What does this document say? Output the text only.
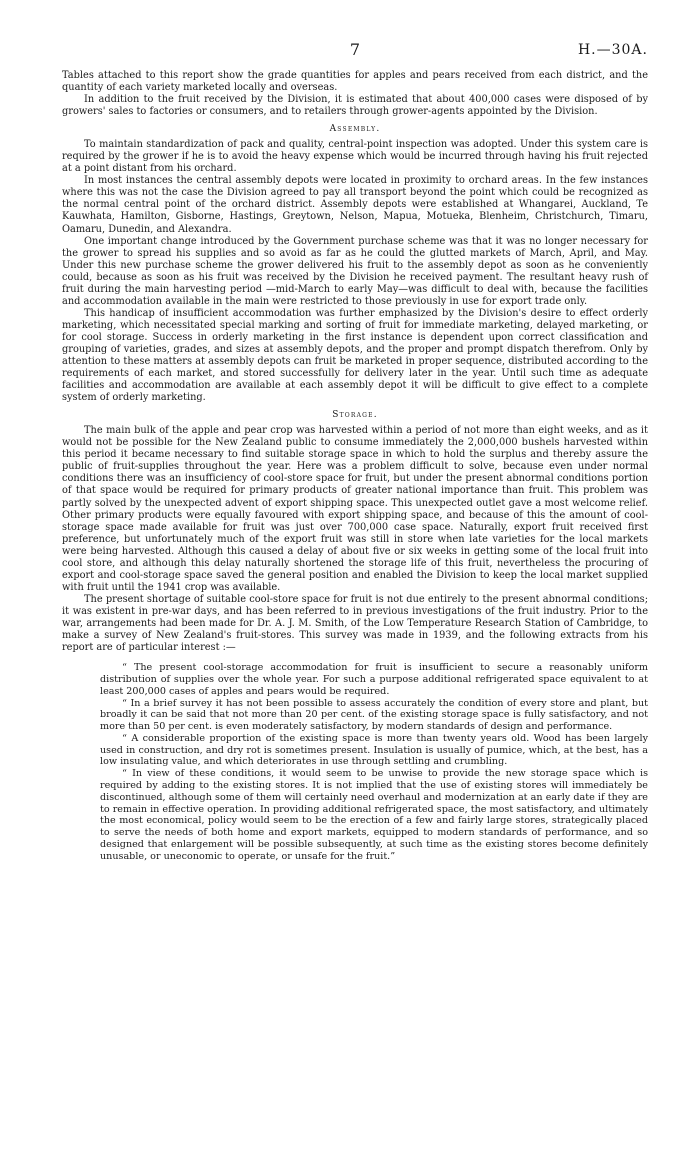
7	H.—30A.

Tables attached to this report show the grade quantities for apples and pears received from each district, and the quantity of each variety marketed locally and overseas.

In addition to the fruit received by the Division, it is estimated that about 400,000 cases were disposed of by growers' sales to factories or consumers, and to retailers through grower-agents appointed by the Division.

Assembly.

To maintain standardization of pack and quality, central-point inspection was adopted. Under this system care is required by the grower if he is to avoid the heavy expense which would be incurred through having his fruit rejected at a point distant from his orchard.

In most instances the central assembly depots were located in proximity to orchard areas. In the few instances where this was not the case the Division agreed to pay all transport beyond the point which could be recognized as the normal central point of the orchard district. Assembly depots were established at Whangarei, Auckland, Te Kauwhata, Hamilton, Gisborne, Hastings, Greytown, Nelson, Mapua, Motueka, Blenheim, Christchurch, Timaru, Oamaru, Dunedin, and Alexandra.

One important change introduced by the Government purchase scheme was that it was no longer necessary for the grower to spread his supplies and so avoid as far as he could the glutted markets of March, April, and May. Under this new purchase scheme the grower delivered his fruit to the assembly depot as soon as he conveniently could, because as soon as his fruit was received by the Division he received payment. The resultant heavy rush of fruit during the main harvesting period —mid-March to early May—was difficult to deal with, because the facilities and accommodation available in the main were restricted to those previously in use for export trade only.

This handicap of insufficient accommodation was further emphasized by the Division's desire to effect orderly marketing, which necessitated special marking and sorting of fruit for immediate marketing, delayed marketing, or for cool storage. Success in orderly marketing in the first instance is dependent upon correct classification and grouping of varieties, grades, and sizes at assembly depots, and the proper and prompt dispatch therefrom. Only by attention to these matters at assembly depots can fruit be marketed in proper sequence, distributed according to the requirements of each market, and stored successfully for delivery later in the year. Until such time as adequate facilities and accommodation are available at each assembly depot it will be difficult to give effect to a complete system of orderly marketing.

Storage.

The main bulk of the apple and pear crop was harvested within a period of not more than eight weeks, and as it would not be possible for the New Zealand public to consume immediately the 2,000,000 bushels harvested within this period it became necessary to find suitable storage space in which to hold the surplus and thereby assure the public of fruit-supplies throughout the year. Here was a problem difficult to solve, because even under normal conditions there was an insufficiency of cool-store space for fruit, but under the present abnormal conditions portion of that space would be required for primary products of greater national importance than fruit. This problem was partly solved by the unexpected advent of export shipping space. This unexpected outlet gave a most welcome relief. Other primary products were equally favoured with export shipping space, and because of this the amount of cool-storage space made available for fruit was just over 700,000 case space. Naturally, export fruit received first preference, but unfortunately much of the export fruit was still in store when late varieties for the local markets were being harvested. Although this caused a delay of about five or six weeks in getting some of the local fruit into cool store, and although this delay naturally shortened the storage life of this fruit, nevertheless the procuring of export and cool-storage space saved the general position and enabled the Division to keep the local market supplied with fruit until the 1941 crop was available.

The present shortage of suitable cool-store space for fruit is not due entirely to the present abnormal conditions; it was existent in pre-war days, and has been referred to in previous investigations of the fruit industry. Prior to the war, arrangements had been made for Dr. A. J. M. Smith, of the Low Temperature Research Station of Cambridge, to make a survey of New Zealand's fruit-stores. This survey was made in 1939, and the following extracts from his report are of particular interest :—

“ The present cool-storage accommodation for fruit is insufficient to secure a reasonably uniform distribution of supplies over the whole year. For such a purpose additional refrigerated space equivalent to at least 200,000 cases of apples and pears would be required.

“ In a brief survey it has not been possible to assess accurately the condition of every store and plant, but broadly it can be said that not more than 20 per cent. of the existing storage space is fully satisfactory, and not more than 50 per cent. is even moderately satisfactory, by modern standards of design and performance.

“ A considerable proportion of the existing space is more than twenty years old. Wood has been largely used in construction, and dry rot is sometimes present. Insulation is usually of pumice, which, at the best, has a low insulating value, and which deteriorates in use through settling and crumbling.

“ In view of these conditions, it would seem to be unwise to provide the new storage space which is required by adding to the existing stores. It is not implied that the use of existing stores will immediately be discontinued, although some of them will certainly need overhaul and modernization at an early date if they are to remain in effective operation. In providing additional refrigerated space, the most satisfactory, and ultimately the most economical, policy would seem to be the erection of a few and fairly large stores, strategically placed to serve the needs of both home and export markets, equipped to modern standards of performance, and so designed that enlargement will be possible subsequently, at such time as the existing stores become definitely unusable, or uneconomic to operate, or unsafe for the fruit.”
